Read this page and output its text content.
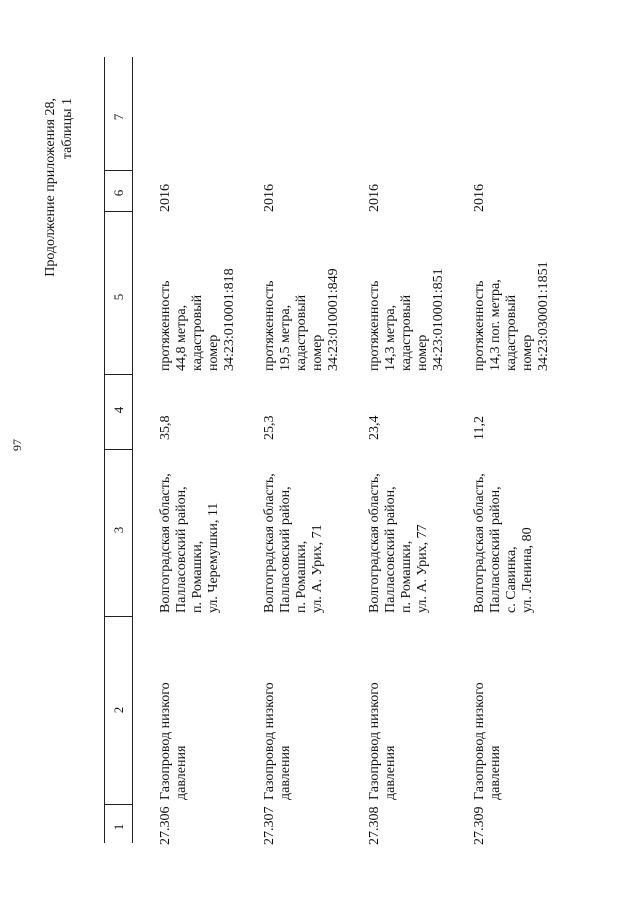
97
Продолжение приложения 28, таблицы 1
1
2
3
4
5
6
7
27.306
Газопровод низкого
давления
Волгоградская область,
Палласовский район,
п. Ромашки,
ул. Черемушки, 11
35,8
протяженность
44,8 метра,
кадастровый
номер
34:23:010001:818
2016
27.307
Газопровод низкого
давления
Волгоградская область,
Палласовский район,
п. Ромашки,
ул. А. Урих, 71
25,3
протяженность
19,5 метра,
кадастровый
номер
34:23:010001:849
2016
27.308
Газопровод низкого
давления
Волгоградская область,
Палласовский район,
п. Ромашки,
ул. А. Урих, 77
23,4
протяженность
14,3 метра,
кадастровый
номер
34:23:010001:851
2016
27.309
Газопровод низкого
давления
Волгоградская область,
Палласовский район,
с. Савинка,
ул. Ленина, 80
11,2
протяженность
14,3 пог. метра,
кадастровый
номер
34:23:030001:1851
2016
